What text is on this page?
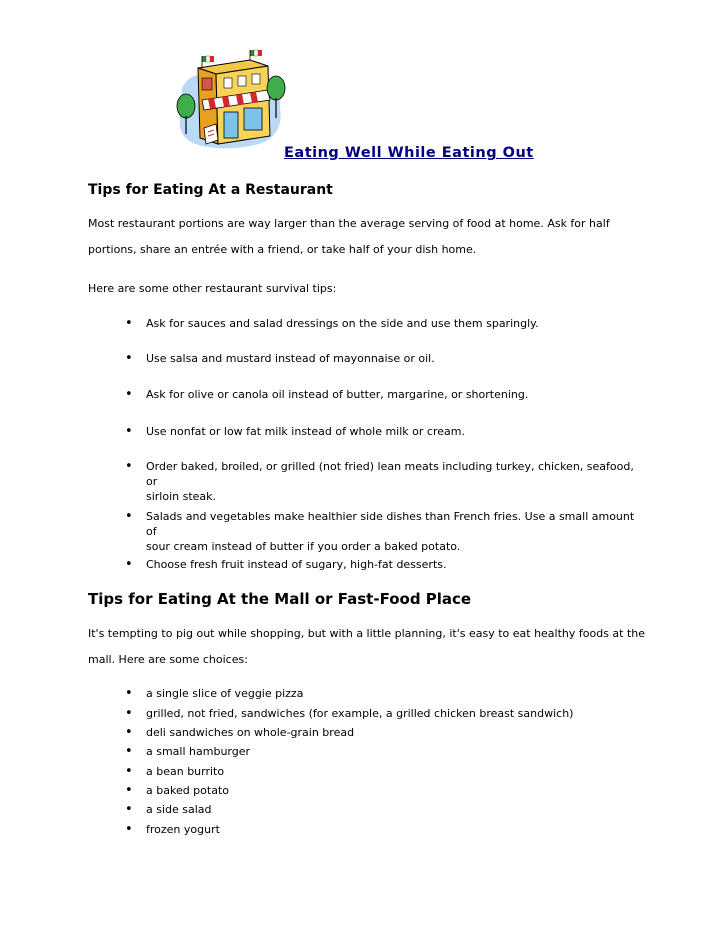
Eating Well While Eating Out
Tips for Eating At a Restaurant
Most restaurant portions are way larger than the average serving of food at home. Ask for half
portions, share an entrée with a friend, or take half of your dish home.
Here are some other restaurant survival tips:
• Ask for sauces and salad dressings on the side and use them sparingly.
• Use salsa and mustard instead of mayonnaise or oil.
• Ask for olive or canola oil instead of butter, margarine, or shortening.
• Use nonfat or low fat milk instead of whole milk or cream.
• Order baked, broiled, or grilled (not fried) lean meats including turkey, chicken, seafood, or
sirloin steak.
• Salads and vegetables make healthier side dishes than French fries. Use a small amount of
sour cream instead of butter if you order a baked potato.
• Choose fresh fruit instead of sugary, high-fat desserts.
Tips for Eating At the Mall or Fast-Food Place
It's tempting to pig out while shopping, but with a little planning, it's easy to eat healthy foods at the
mall. Here are some choices:
• a single slice of veggie pizza
• grilled, not fried, sandwiches (for example, a grilled chicken breast sandwich)
• deli sandwiches on whole-grain bread
• a small hamburger
• a bean burrito
• a baked potato
• a side salad
• frozen yogurt
